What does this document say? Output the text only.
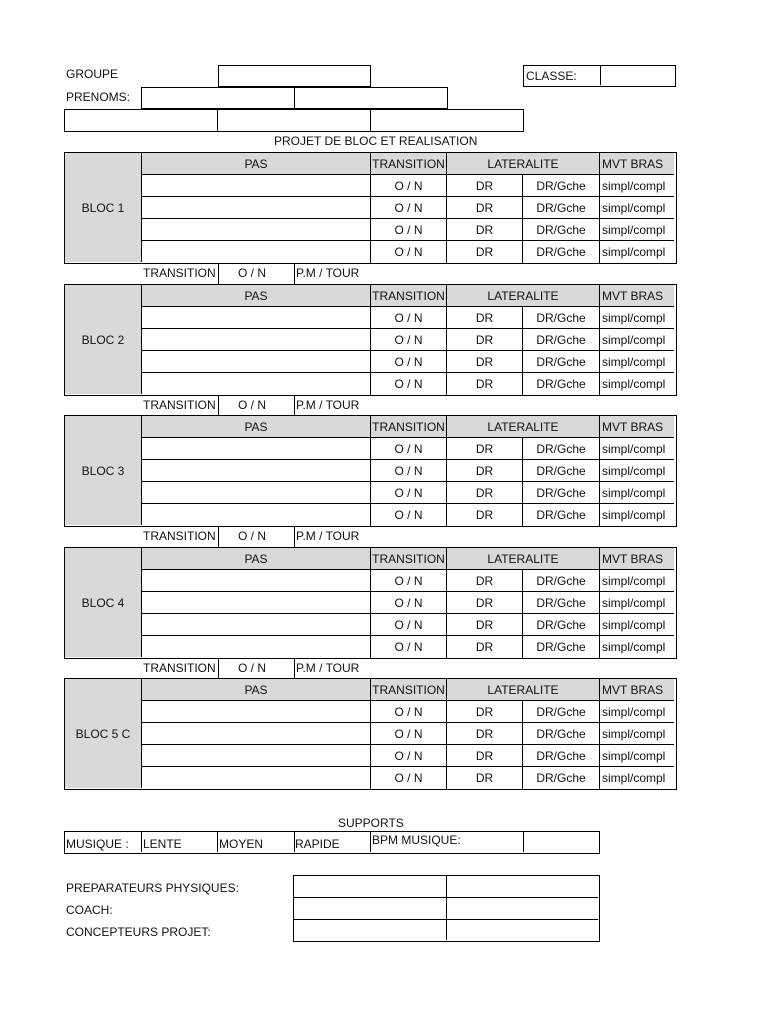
GROUPE	CLASSE:
PRENOMS:
PROJET DE BLOC ET REALISATION
BLOC 1
PAS	TRANSITION	LATERALITE	MVT BRAS
O / N	DR	DR/Gche	simpl/compl
O / N	DR	DR/Gche	simpl/compl
O / N	DR	DR/Gche	simpl/compl
O / N	DR	DR/Gche	simpl/compl
TRANSITION O / N P.M / TOUR
BLOC 2
PAS	TRANSITION	LATERALITE	MVT BRAS
O / N	DR	DR/Gche	simpl/compl
O / N	DR	DR/Gche	simpl/compl
O / N	DR	DR/Gche	simpl/compl
O / N	DR	DR/Gche	simpl/compl
TRANSITION O / N P.M / TOUR
BLOC 3
PAS	TRANSITION	LATERALITE	MVT BRAS
O / N	DR	DR/Gche	simpl/compl
O / N	DR	DR/Gche	simpl/compl
O / N	DR	DR/Gche	simpl/compl
O / N	DR	DR/Gche	simpl/compl
TRANSITION O / N P.M / TOUR
BLOC 4
PAS	TRANSITION	LATERALITE	MVT BRAS
O / N	DR	DR/Gche	simpl/compl
O / N	DR	DR/Gche	simpl/compl
O / N	DR	DR/Gche	simpl/compl
O / N	DR	DR/Gche	simpl/compl
TRANSITION O / N P.M / TOUR
BLOC 5 C
PAS	TRANSITION	LATERALITE	MVT BRAS
O / N	DR	DR/Gche	simpl/compl
O / N	DR	DR/Gche	simpl/compl
O / N	DR	DR/Gche	simpl/compl
O / N	DR	DR/Gche	simpl/compl
SUPPORTS
MUSIQUE : LENTE	MOYEN	RAPIDE	BPM MUSIQUE:
PREPARATEURS PHYSIQUES:
COACH:
CONCEPTEURS PROJET:
